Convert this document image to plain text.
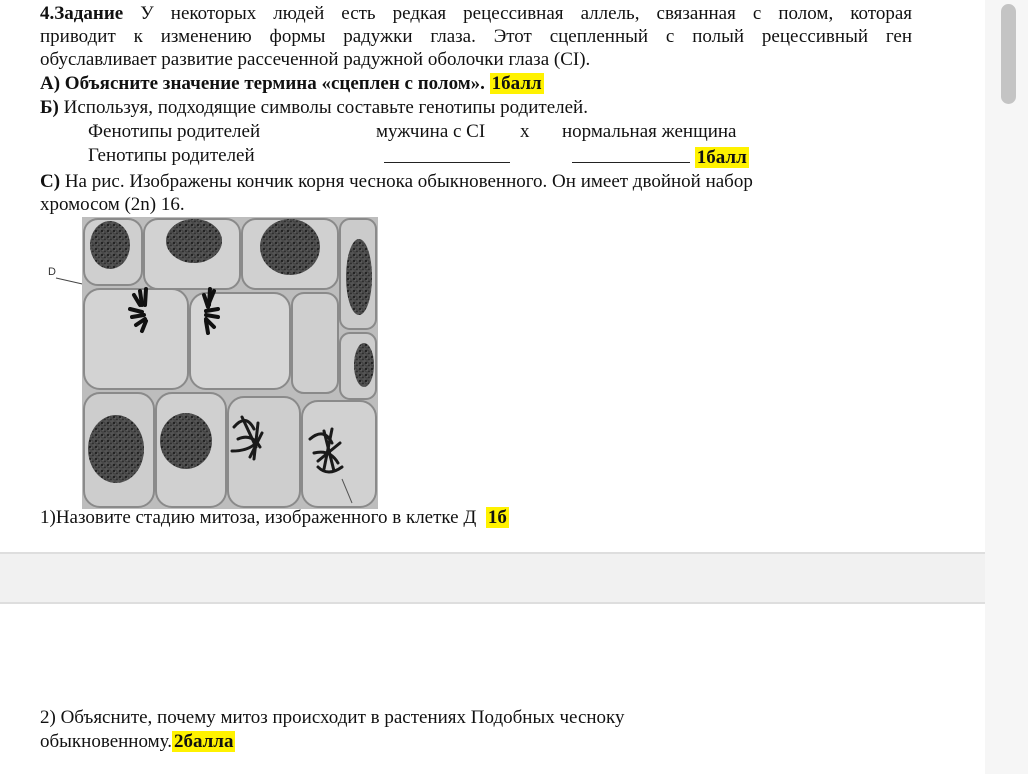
4.Задание У некоторых людей есть редкая рецессивная аллель, связанная с полом, которая
приводит к изменению формы радужки глаза. Этот сцепленный с полый рецессивный ген
обуславливает развитие рассеченной радужной оболочки глаза (CI).
А) Объясните значение термина «сцеплен с полом». 1балл
Б) Используя, подходящие символы составьте генотипы родителей.
Фенотипы родителей	мужчина с CI х нормальная женщина
Генотипы родителей	1балл
С) На рис. Изображены кончик корня чеснока обыкновенного. Он имеет двойной набор
хромосом (2n) 16.
D
1)Назовите стадию митоза, изображенного в клетке Д 1б
2) Объясните, почему митоз происходит в растениях Подобных чесноку
обыкновенному. 2балла
